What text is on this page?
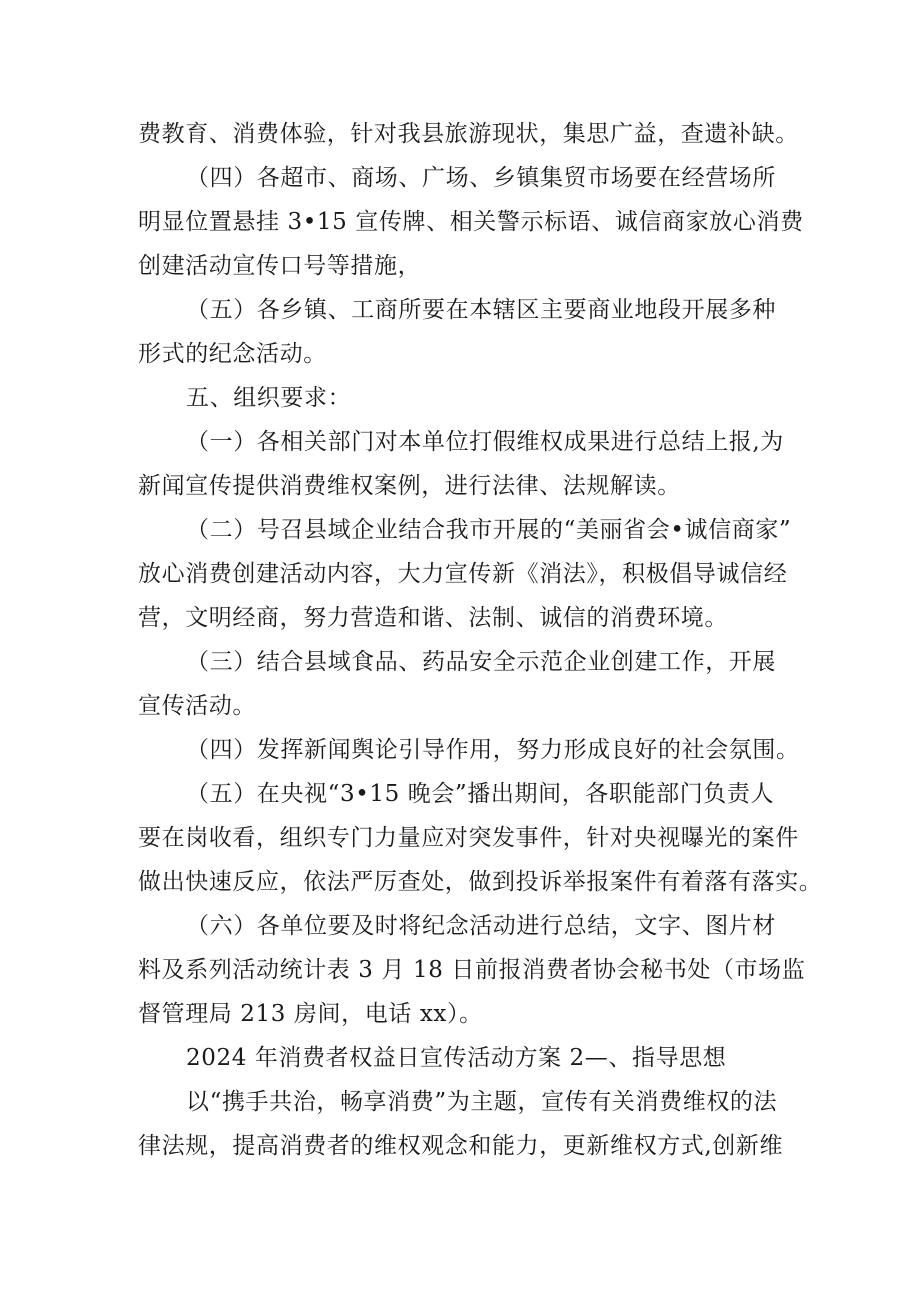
费教育、消费体验，针对我县旅游现状，集思广益，查遗补缺。
（四）各超市、商场、广场、乡镇集贸市场要在经营场所
明显位置悬挂 3•15 宣传牌、相关警示标语、诚信商家放心消费
创建活动宣传口号等措施，
（五）各乡镇、工商所要在本辖区主要商业地段开展多种
形式的纪念活动。
五、组织要求：
（一）各相关部门对本单位打假维权成果进行总结上报,为
新闻宣传提供消费维权案例，进行法律、法规解读。
（二）号召县域企业结合我市开展的“美丽省会•诚信商家”
放心消费创建活动内容，大力宣传新《消法》，积极倡导诚信经
营，文明经商，努力营造和谐、法制、诚信的消费环境。
（三）结合县域食品、药品安全示范企业创建工作，开展
宣传活动。
（四）发挥新闻舆论引导作用，努力形成良好的社会氛围。
（五）在央视“3•15 晚会”播出期间，各职能部门负责人
要在岗收看，组织专门力量应对突发事件，针对央视曝光的案件
做出快速反应，依法严厉查处，做到投诉举报案件有着落有落实。
（六）各单位要及时将纪念活动进行总结，文字、图片材
料及系列活动统计表 3 月 18 日前报消费者协会秘书处（市场监
督管理局 213 房间，电话 xx）。
2024 年消费者权益日宣传活动方案 2—、指导思想
以“携手共治，畅享消费”为主题，宣传有关消费维权的法
律法规，提高消费者的维权观念和能力，更新维权方式,创新维
